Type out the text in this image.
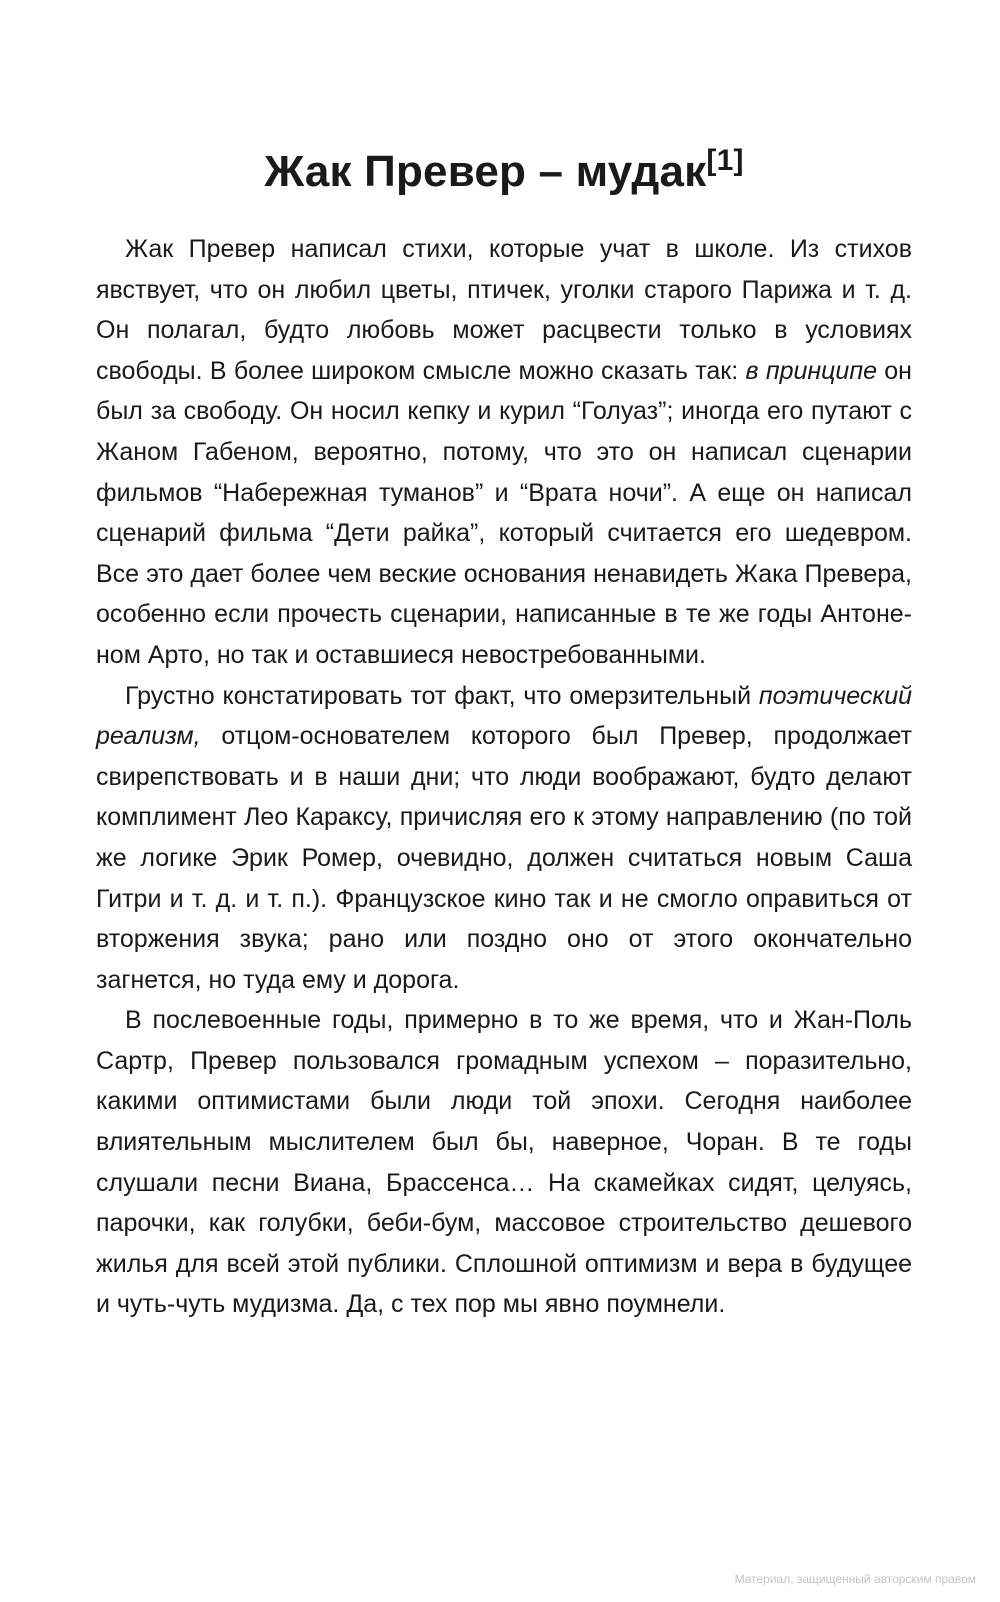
Жак Превер – мудак[1]

Жак Превер написал стихи, которые учат в школе. Из стихов явствует, что он любил цветы, птичек, уголки старого Парижа и т. д. Он полагал, будто любовь может расцвести только в условиях свободы. В более широком смысле можно сказать так: в принципе он был за свободу. Он носил кепку и курил “Голуаз”; иногда его путают с Жаном Габеном, вероятно, потому, что это он написал сценарии фильмов “Набережная туманов” и “Врата ночи”. А еще он написал сценарий фильма “Дети райка”, который считается его шедевром. Все это дает более чем веские основания ненавидеть Жака Превера, особенно если прочесть сценарии, написанные в те же годы Антоне-ном Арто, но так и оставшиеся невостребованными.

Грустно констатировать тот факт, что омерзительный поэтический реализм, отцом-основателем которого был Превер, продолжает свирепствовать и в наши дни; что люди воображают, будто делают комплимент Лео Караксу, причисляя его к этому направлению (по той же логике Эрик Ромер, очевидно, должен считаться новым Саша Гитри и т. д. и т. п.). Французское кино так и не смогло оправиться от вторжения звука; рано или поздно оно от этого окончательно загнется, но туда ему и дорога.

В послевоенные годы, примерно в то же время, что и Жан-Поль Сартр, Превер пользовался громадным успехом – поразительно, какими оптимистами были люди той эпохи. Сегодня наиболее влиятельным мыслителем был бы, наверное, Чоран. В те годы слушали песни Виана, Брассенса… На скамейках сидят, целуясь, парочки, как голубки, беби-бум, массовое строительство дешевого жилья для всей этой публики. Сплошной оптимизм и вера в будущее и чуть-чуть мудизма. Да, с тех пор мы явно поумнели.

Материал, защищенный авторским правом
